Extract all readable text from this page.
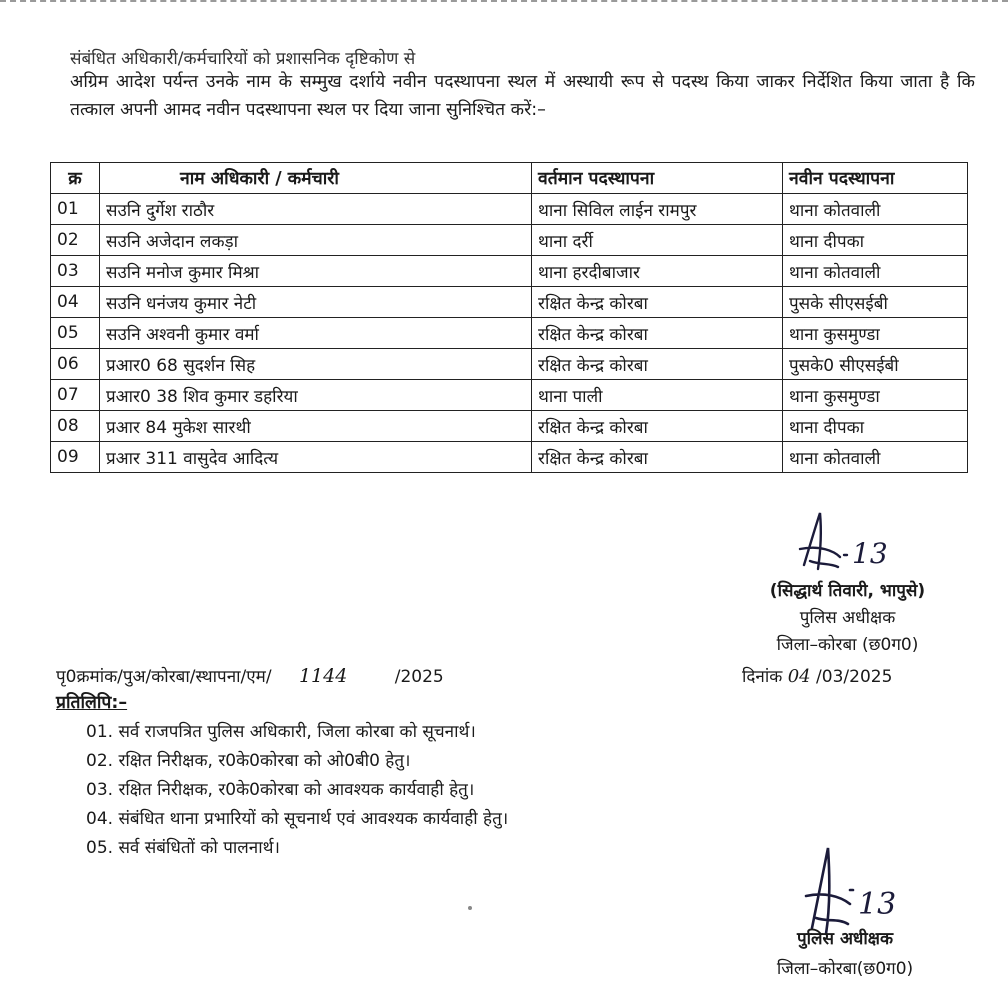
संबंधित अधिकारी/कर्मचारियों को प्रशासनिक दृष्टिकोण से

अग्रिम आदेश पर्यन्त उनके नाम के सम्मुख दर्शाये नवीन पदस्थापना स्थल में अस्थायी रूप से पदस्थ किया जाकर निर्देशित किया जाता है कि तत्काल अपनी आमद नवीन पदस्थापना स्थल पर दिया जाना सुनिश्चित करें:–

क्र	नाम अधिकारी / कर्मचारी	वर्तमान पदस्थापना	नवीन पदस्थापना
01	सउनि दुर्गेश राठौर	थाना सिविल लाईन रामपुर	थाना कोतवाली
02	सउनि अजेदान लकड़ा	थाना दर्री	थाना दीपका
03	सउनि मनोज कुमार मिश्रा	थाना हरदीबाजार	थाना कोतवाली
04	सउनि धनंजय कुमार नेटी	रक्षित केन्द्र कोरबा	पुसके सीएसईबी
05	सउनि अश्वनी कुमार वर्मा	रक्षित केन्द्र कोरबा	थाना कुसमुण्डा
06	प्रआर0 68 सुदर्शन सिह	रक्षित केन्द्र कोरबा	पुसके0 सीएसईबी
07	प्रआर0 38 शिव कुमार डहरिया	थाना पाली	थाना कुसमुण्डा
08	प्रआर 84 मुकेश सारथी	रक्षित केन्द्र कोरबा	थाना दीपका
09	प्रआर 311 वासुदेव आदित्य	रक्षित केन्द्र कोरबा	थाना कोतवाली
13
(सिद्धार्थ तिवारी, भापुसे)
पुलिस अधीक्षक
जिला–कोरबा (छ0ग0)
पृ0क्रमांक/पुअ/कोरबा/स्थापना/एम/ 1144	/2025	दिनांक 04 /03/2025
प्रतिलिपि:–
01. सर्व राजपत्रित पुलिस अधिकारी, जिला कोरबा को सूचनार्थ।
02. रक्षित निरीक्षक, र0के0कोरबा को ओ0बी0 हेतु।
03. रक्षित निरीक्षक, र0के0कोरबा को आवश्यक कार्यवाही हेतु।
04. संबंधित थाना प्रभारियों को सूचनार्थ एवं आवश्यक कार्यवाही हेतु।
05. सर्व संबंधितों को पालनार्थ।
13
पुलिस अधीक्षक
जिला–कोरबा(छ0ग0)
